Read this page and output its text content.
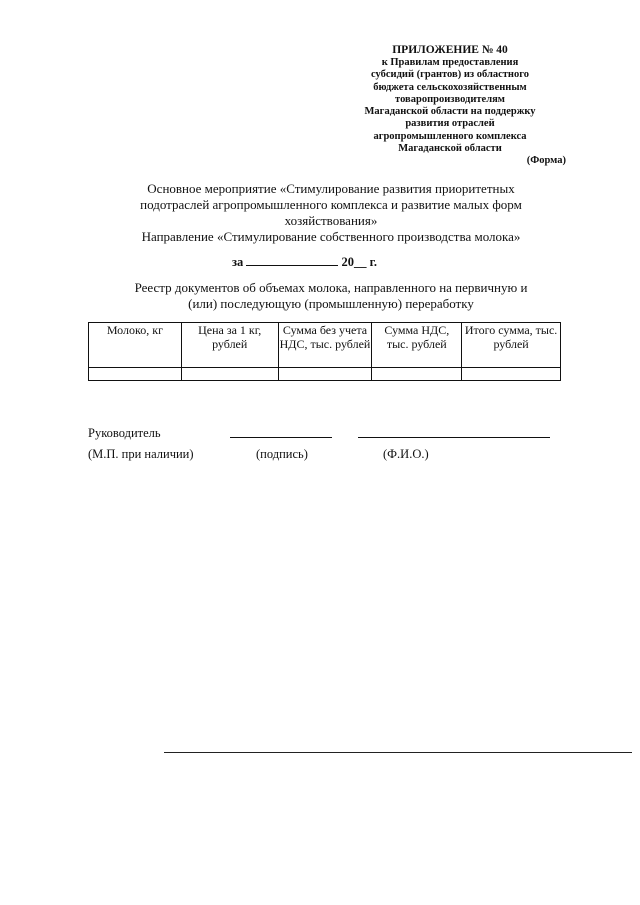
ПРИЛОЖЕНИЕ № 40
к Правилам предоставления
субсидий (грантов) из областного
бюджета сельскохозяйственным
товаропроизводителям
Магаданской области на поддержку
развития отраслей
агропромышленного комплекса
Магаданской области
(Форма)
Основное мероприятие «Стимулирование развития приоритетных
подотраслей агропромышленного комплекса и развитие малых форм
хозяйствования»
Направление «Стимулирование собственного производства молока»
за	20__ г.
Реестр документов об объемах молока, направленного на первичную и
(или) последующую (промышленную) переработку
Молоко, кг	Цена за 1 кг, рублей	Сумма без учета НДС, тыс. рублей	Сумма НДС, тыс. рублей	Итого сумма, тыс. рублей

Руководитель
(М.П. при наличии)	(подпись)	(Ф.И.О.)
